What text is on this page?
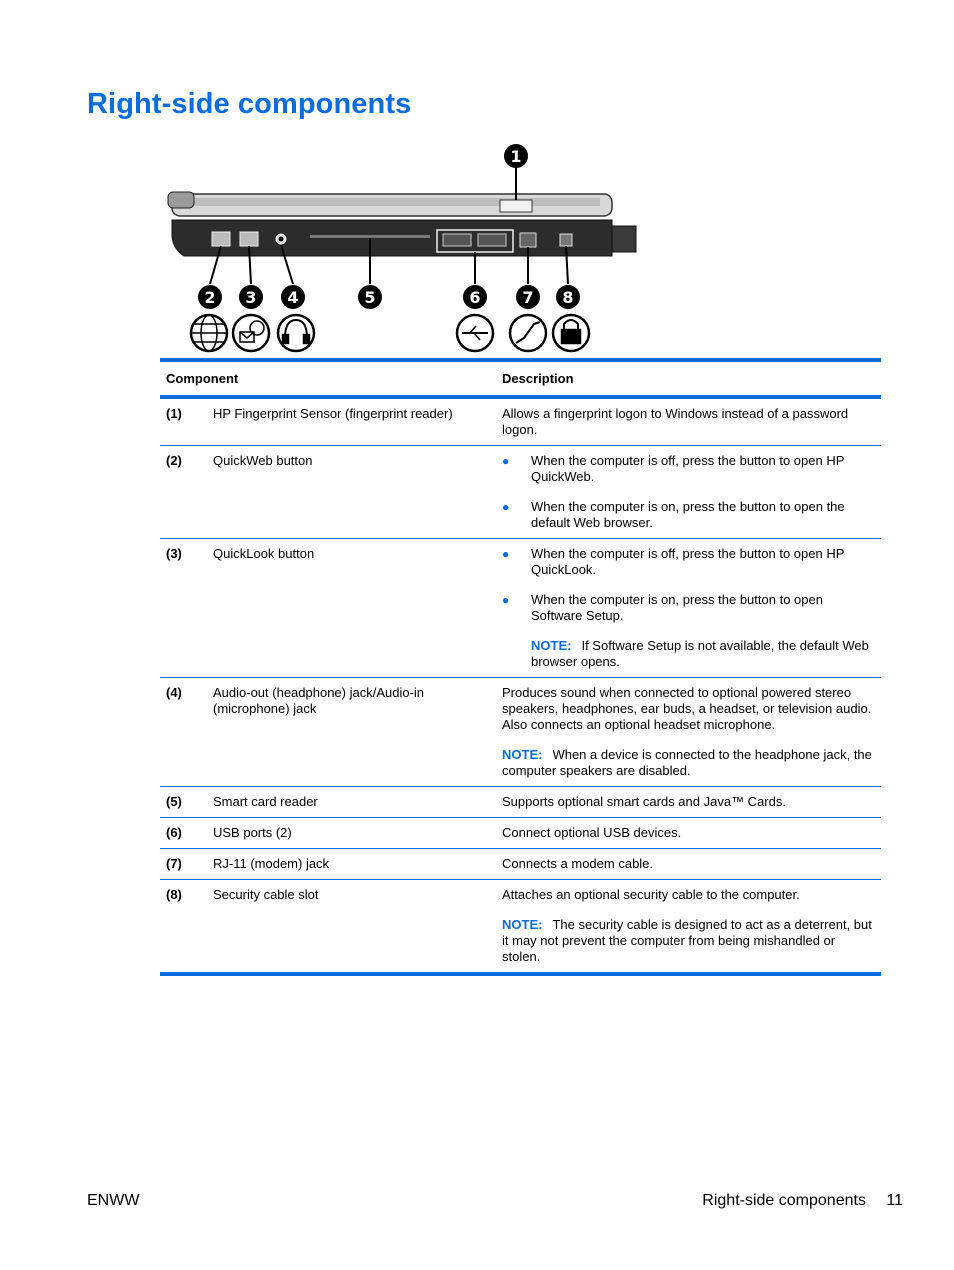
Right-side components
1
2 3 4	5	6	7 8
Component	Description
(1)	HP Fingerprint Sensor (fingerprint reader)	Allows a fingerprint logon to Windows instead of a password logon.
(2)	QuickWeb button	●	When the computer is off, press the button to open HP QuickWeb.
●	When the computer is on, press the button to open the default Web browser.
(3)	QuickLook button	●	When the computer is off, press the button to open HP QuickLook.
●	When the computer is on, press the button to open Software Setup.
NOTE: If Software Setup is not available, the default Web browser opens.
(4)	Audio-out (headphone) jack/Audio-in (microphone) jack
Produces sound when connected to optional powered stereo speakers, headphones, ear buds, a headset, or television audio. Also connects an optional headset microphone.
NOTE: When a device is connected to the headphone jack, the computer speakers are disabled.
(5)	Smart card reader	Supports optional smart cards and Java™ Cards.
(6)	USB ports (2)	Connect optional USB devices.
(7)	RJ-11 (modem) jack	Connects a modem cable.
(8)	Security cable slot	Attaches an optional security cable to the computer.
NOTE: The security cable is designed to act as a deterrent, but it may not prevent the computer from being mishandled or stolen.
ENWW	Right-side components 11
